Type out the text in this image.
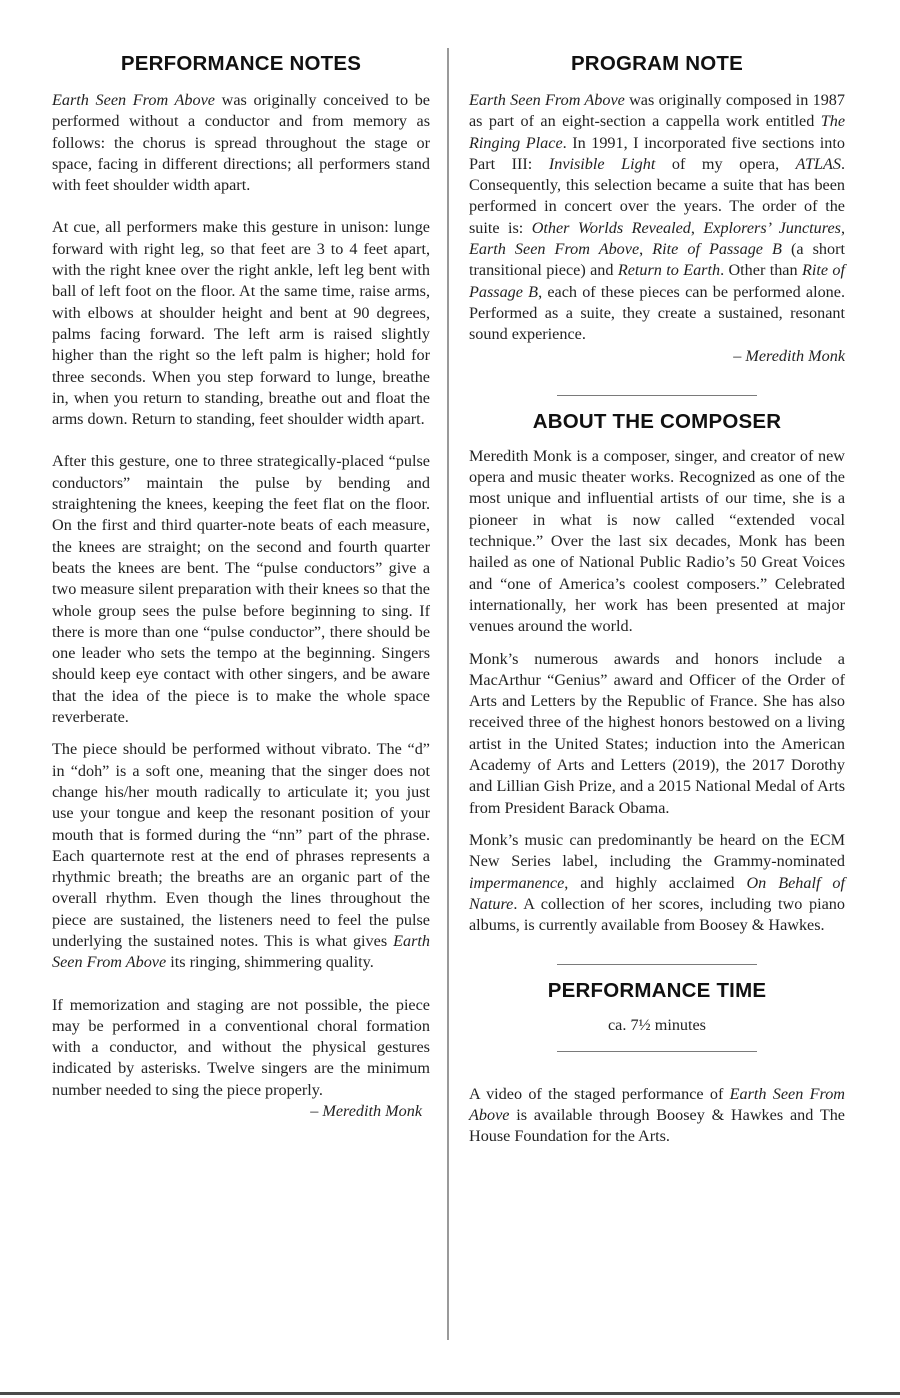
PERFORMANCE NOTES

Earth Seen From Above was originally conceived to be performed without a conductor and from memory as follows: the chorus is spread throughout the stage or space, facing in different directions; all performers stand with feet shoulder width apart.

At cue, all performers make this gesture in unison: lunge forward with right leg, so that feet are 3 to 4 feet apart, with the right knee over the right ankle, left leg bent with ball of left foot on the floor. At the same time, raise arms, with elbows at shoulder height and bent at 90 degrees, palms facing forward. The left arm is raised slightly higher than the right so the left palm is higher; hold for three seconds. When you step forward to lunge, breathe in, when you return to standing, breathe out and float the arms down. Return to standing, feet shoulder width apart.

After this gesture, one to three strategically-placed “pulse conductors” maintain the pulse by bending and straightening the knees, keeping the feet flat on the floor. On the first and third quarter-note beats of each measure, the knees are straight; on the second and fourth quarter beats the knees are bent. The “pulse conductors” give a two measure silent preparation with their knees so that the whole group sees the pulse before beginning to sing. If there is more than one “pulse conductor”, there should be one leader who sets the tempo at the beginning. Singers should keep eye contact with other singers, and be aware that the idea of the piece is to make the whole space reverberate.

The piece should be performed without vibrato. The “d” in “doh” is a soft one, meaning that the singer does not change his/her mouth radically to articulate it; you just use your tongue and keep the resonant position of your mouth that is formed during the “nn” part of the phrase. Each quarternote rest at the end of phrases represents a rhythmic breath; the breaths are an organic part of the overall rhythm. Even though the lines throughout the piece are sustained, the listeners need to feel the pulse underlying the sustained notes. This is what gives Earth Seen From Above its ringing, shimmering quality.

If memorization and staging are not possible, the piece may be performed in a conventional choral formation with a conductor, and without the physical gestures indicated by asterisks. Twelve singers are the minimum number needed to sing the piece properly.

– Meredith Monk

PROGRAM NOTE

Earth Seen From Above was originally composed in 1987 as part of an eight-section a cappella work entitled The Ringing Place. In 1991, I incorporated five sections into Part III: Invisible Light of my opera, ATLAS. Consequently, this selection became a suite that has been performed in concert over the years. The order of the suite is: Other Worlds Revealed, Explorers’ Junctures, Earth Seen From Above, Rite of Passage B (a short transitional piece) and Return to Earth. Other than Rite of Passage B, each of these pieces can be performed alone. Performed as a suite, they create a sustained, resonant sound experience.

– Meredith Monk

ABOUT THE COMPOSER

Meredith Monk is a composer, singer, and creator of new opera and music theater works. Recognized as one of the most unique and influential artists of our time, she is a pioneer in what is now called “extended vocal technique.” Over the last six decades, Monk has been hailed as one of National Public Radio’s 50 Great Voices and “one of America’s coolest composers.” Celebrated internationally, her work has been presented at major venues around the world.

Monk’s numerous awards and honors include a MacArthur “Genius” award and Officer of the Order of Arts and Letters by the Republic of France. She has also received three of the highest honors bestowed on a living artist in the United States; induction into the American Academy of Arts and Letters (2019), the 2017 Dorothy and Lillian Gish Prize, and a 2015 National Medal of Arts from President Barack Obama.

Monk’s music can predominantly be heard on the ECM New Series label, including the Grammy-nominated impermanence, and highly acclaimed On Behalf of Nature. A collection of her scores, including two piano albums, is currently available from Boosey & Hawkes.

PERFORMANCE TIME

ca. 7½ minutes

A video of the staged performance of Earth Seen From Above is available through Boosey & Hawkes and The House Foundation for the Arts.
